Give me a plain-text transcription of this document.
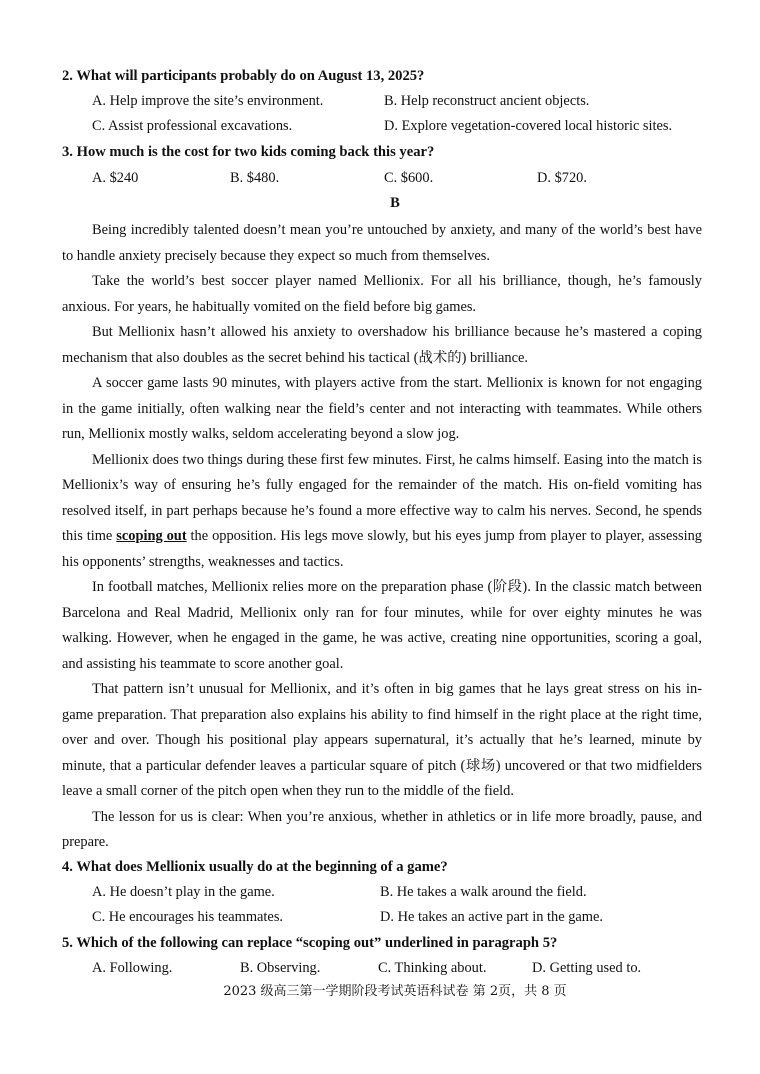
2. What will participants probably do on August 13, 2025?
A. Help improve the site’s environment.	B. Help reconstruct ancient objects.
C. Assist professional excavations.	D. Explore vegetation-covered local historic sites.
3. How much is the cost for two kids coming back this year?
A. $240	B. $480.	C. $600.	D. $720.
B

Being incredibly talented doesn’t mean you’re untouched by anxiety, and many of the world’s best have to handle anxiety precisely because they expect so much from themselves.

Take the world’s best soccer player named Mellionix. For all his brilliance, though, he’s famously anxious. For years, he habitually vomited on the field before big games.

But Mellionix hasn’t allowed his anxiety to overshadow his brilliance because he’s mastered a coping mechanism that also doubles as the secret behind his tactical (战术的) brilliance.

A soccer game lasts 90 minutes, with players active from the start. Mellionix is known for not engaging in the game initially, often walking near the field’s center and not interacting with teammates. While others run, Mellionix mostly walks, seldom accelerating beyond a slow jog.

Mellionix does two things during these first few minutes. First, he calms himself. Easing into the match is Mellionix’s way of ensuring he’s fully engaged for the remainder of the match. His on-field vomiting has resolved itself, in part perhaps because he’s found a more effective way to calm his nerves. Second, he spends this time scoping out the opposition. His legs move slowly, but his eyes jump from player to player, assessing his opponents’ strengths, weaknesses and tactics.

In football matches, Mellionix relies more on the preparation phase (阶段). In the classic match between Barcelona and Real Madrid, Mellionix only ran for four minutes, while for over eighty minutes he was walking. However, when he engaged in the game, he was active, creating nine opportunities, scoring a goal, and assisting his teammate to score another goal.

That pattern isn’t unusual for Mellionix, and it’s often in big games that he lays great stress on his in-game preparation. That preparation also explains his ability to find himself in the right place at the right time, over and over. Though his positional play appears supernatural, it’s actually that he’s learned, minute by minute, that a particular defender leaves a particular square of pitch (球场) uncovered or that two midfielders leave a small corner of the pitch open when they run to the middle of the field.

The lesson for us is clear: When you’re anxious, whether in athletics or in life more broadly, pause, and prepare.

4. What does Mellionix usually do at the beginning of a game?
A. He doesn’t play in the game.	B. He takes a walk around the field.
C. He encourages his teammates.	D. He takes an active part in the game.
5. Which of the following can replace “scoping out” underlined in paragraph 5?
A. Following.	B. Observing.	C. Thinking about.	D. Getting used to.
2023 级高三第一学期阶段考试英语科试卷 第 2页，共 8 页
